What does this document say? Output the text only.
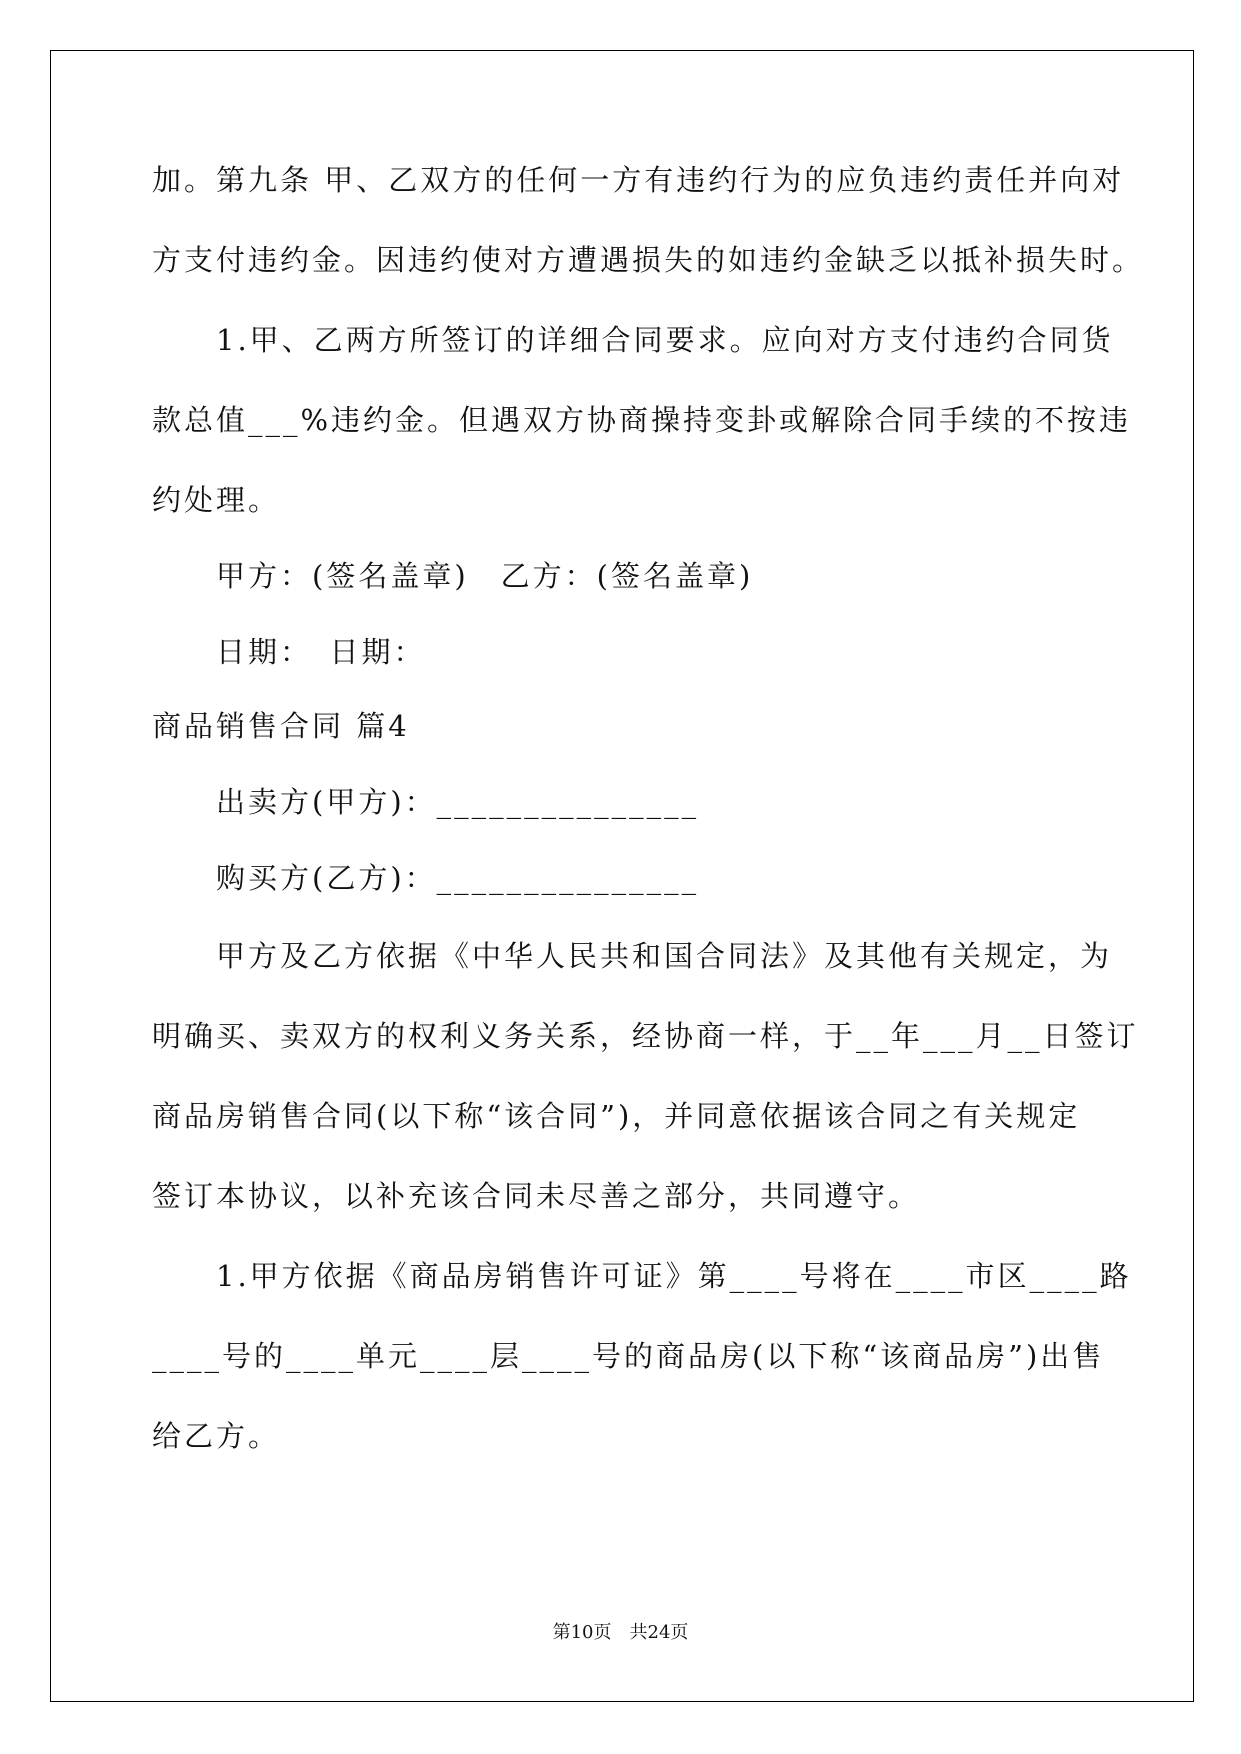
加。第九条 甲、乙双方的任何一方有违约行为的应负违约责任并向对
方支付违约金。因违约使对方遭遇损失的如违约金缺乏以抵补损失时。
1.甲、乙两方所签订的详细合同要求。应向对方支付违约合同货
款总值___%违约金。但遇双方协商操持变卦或解除合同手续的不按违
约处理。
甲方：(签名盖章)　乙方：(签名盖章)
日期：　日期：
商品销售合同 篇4
出卖方(甲方)：_______________
购买方(乙方)：_______________
甲方及乙方依据《中华人民共和国合同法》及其他有关规定，为
明确买、卖双方的权利义务关系，经协商一样，于__年___月__日签订
商品房销售合同(以下称“该合同”)，并同意依据该合同之有关规定
签订本协议，以补充该合同未尽善之部分，共同遵守。
1.甲方依据《商品房销售许可证》第____号将在____市区____路
____号的____单元____层____号的商品房(以下称“该商品房”)出售
给乙方。
第10页　共24页
